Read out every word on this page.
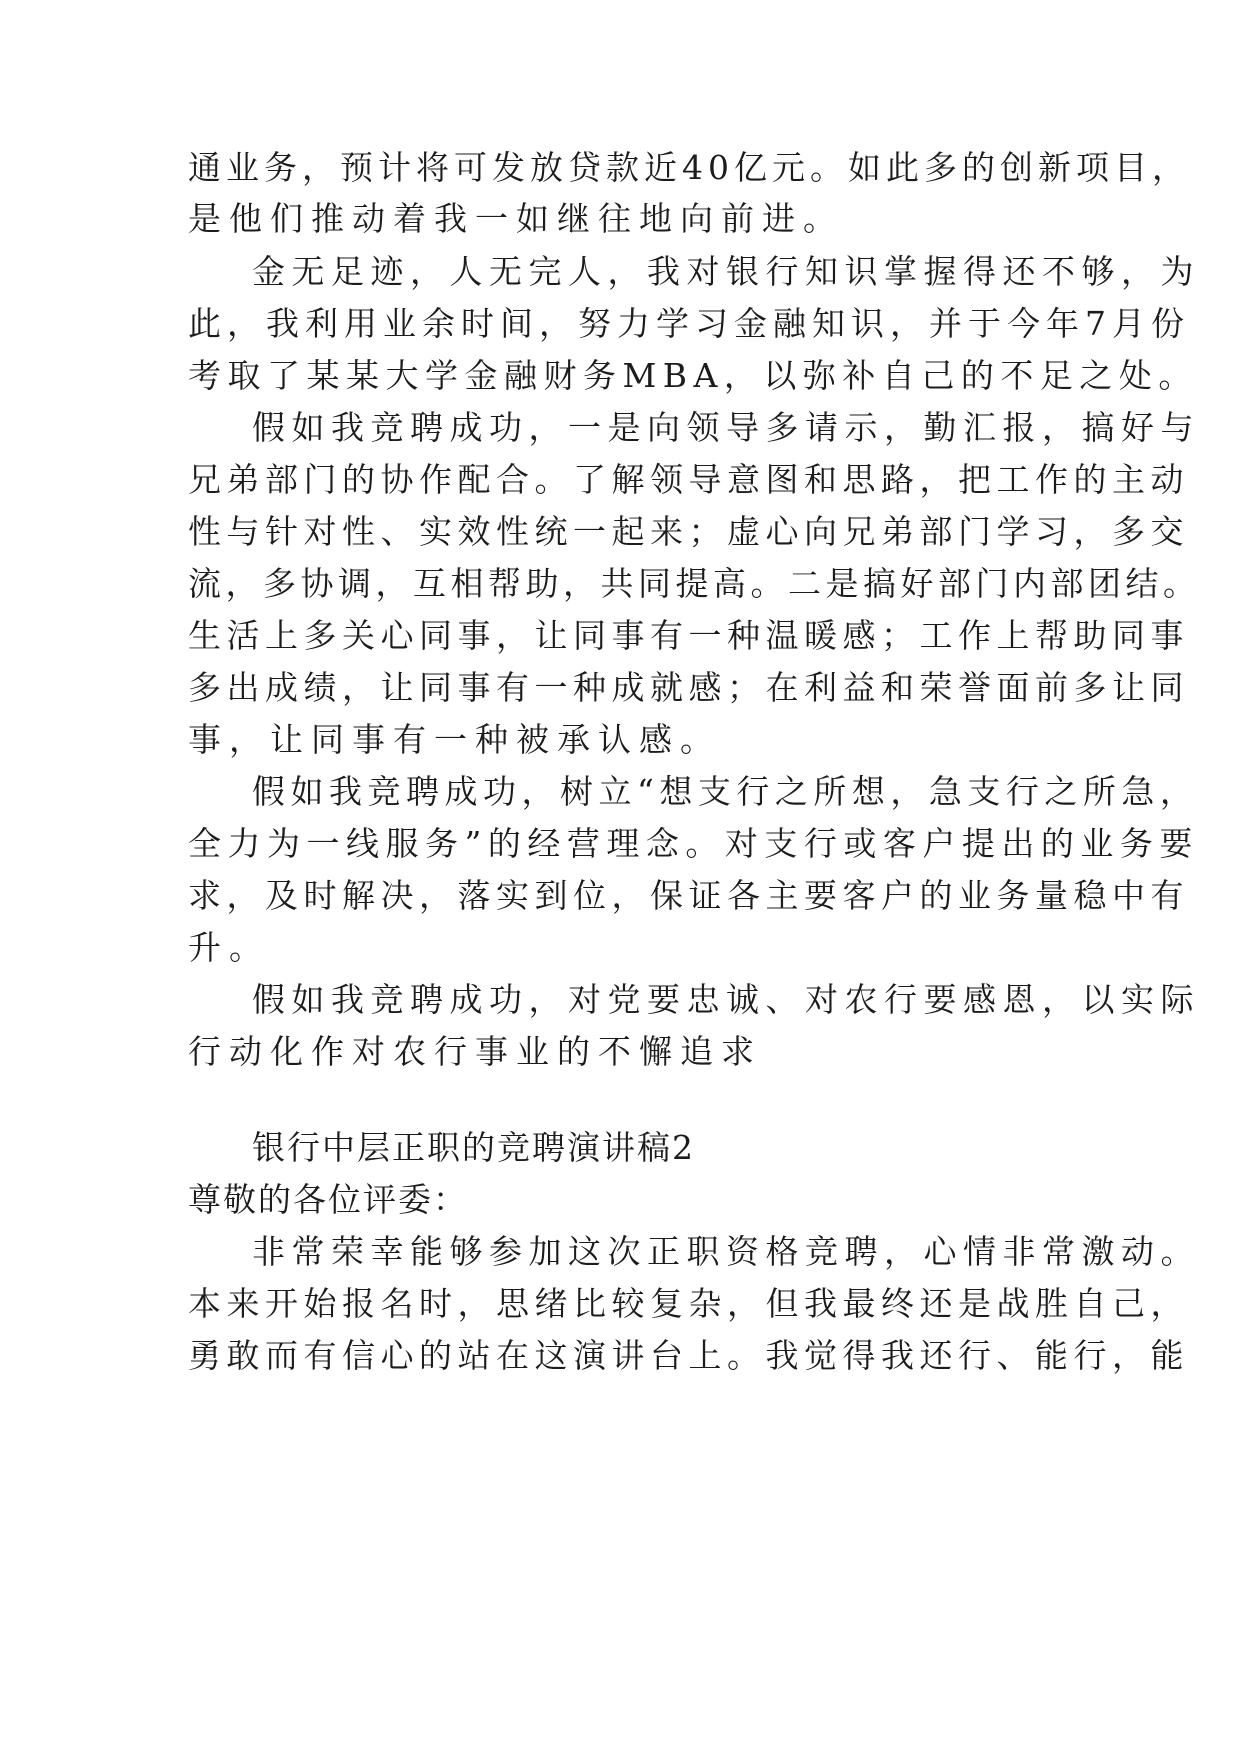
通业务，预计将可发放贷款近40亿元。如此多的创新项目，

是他们推动着我一如继往地向前进。

金无足迹，人无完人，我对银行知识掌握得还不够，为

此，我利用业余时间，努力学习金融知识，并于今年7月份

考取了某某大学金融财务MBA，以弥补自己的不足之处。

假如我竞聘成功，一是向领导多请示，勤汇报，搞好与

兄弟部门的协作配合。了解领导意图和思路，把工作的主动

性与针对性、实效性统一起来；虚心向兄弟部门学习，多交

流，多协调，互相帮助，共同提高。二是搞好部门内部团结。

生活上多关心同事，让同事有一种温暖感；工作上帮助同事

多出成绩，让同事有一种成就感；在利益和荣誉面前多让同

事，让同事有一种被承认感。

假如我竞聘成功，树立“想支行之所想，急支行之所急，

全力为一线服务”的经营理念。对支行或客户提出的业务要

求，及时解决，落实到位，保证各主要客户的业务量稳中有

升。

假如我竞聘成功，对党要忠诚、对农行要感恩，以实际

行动化作对农行事业的不懈追求

银行中层正职的竞聘演讲稿2

尊敬的各位评委：

非常荣幸能够参加这次正职资格竞聘，心情非常激动。

本来开始报名时，思绪比较复杂，但我最终还是战胜自己，

勇敢而有信心的站在这演讲台上。我觉得我还行、能行，能
